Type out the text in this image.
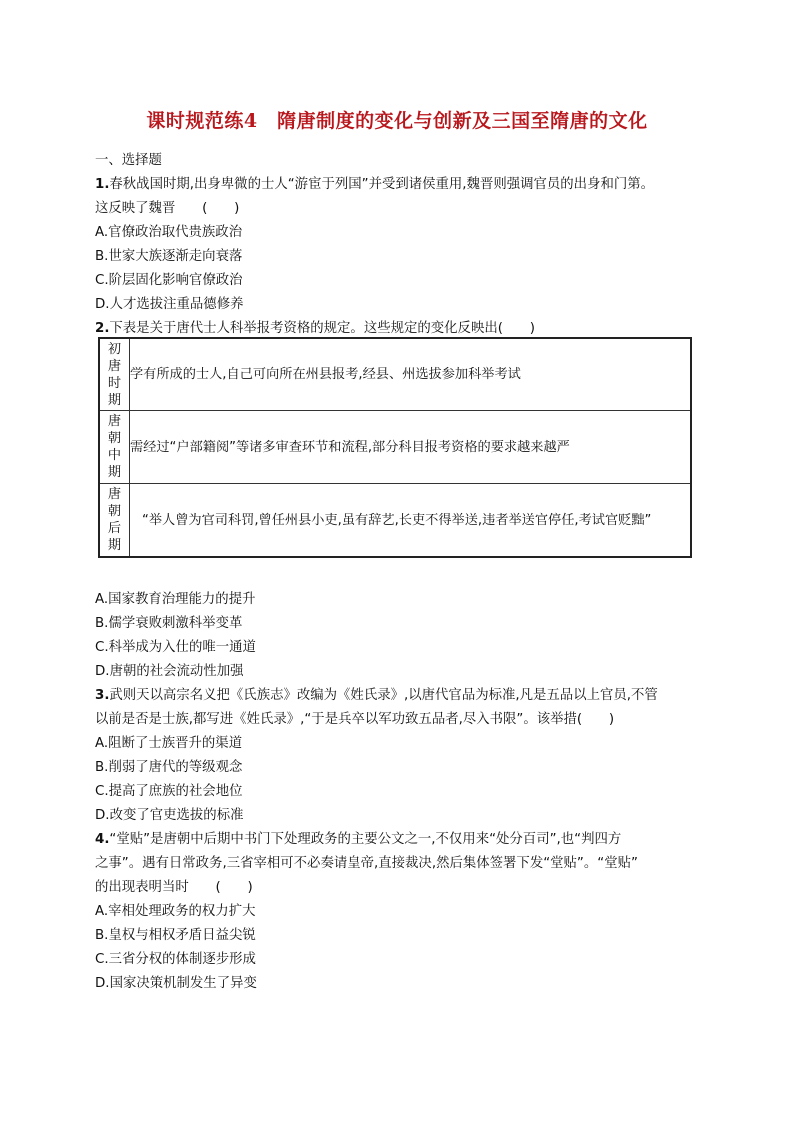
课时规范练4　隋唐制度的变化与创新及三国至隋唐的文化
一、选择题
1.春秋战国时期,出身卑微的士人“游宦于列国”并受到诸侯重用,魏晋则强调官员的出身和门第。
这反映了魏晋　　(　　)
A.官僚政治取代贵族政治
B.世家大族逐渐走向衰落
C.阶层固化影响官僚政治
D.人才选拔注重品德修养
2.下表是关于唐代士人科举报考资格的规定。这些规定的变化反映出(　　)
初
唐
时
期	学有所成的士人,自己可向所在州县报考,经县、州选拔参加科举考试

唐
朝
中
期	需经过“户部籍阅”等诸多审查环节和流程,部分科目报考资格的要求越来越严

唐
朝
后
期	“举人曾为官司科罚,曾任州县小吏,虽有辞艺,长吏不得举送,违者举送官停任,考试官贬黜”
A.国家教育治理能力的提升
B.儒学衰败刺激科举变革
C.科举成为入仕的唯一通道
D.唐朝的社会流动性加强
3.武则天以高宗名义把《氏族志》改编为《姓氏录》,以唐代官品为标准,凡是五品以上官员,不管
以前是否是士族,都写进《姓氏录》,“于是兵卒以军功致五品者,尽入书限”。该举措(　　)
A.阻断了士族晋升的渠道
B.削弱了唐代的等级观念
C.提高了庶族的社会地位
D.改变了官吏选拔的标准
4.“堂贴”是唐朝中后期中书门下处理政务的主要公文之一,不仅用来“处分百司”,也“判四方
之事”。遇有日常政务,三省宰相可不必奏请皇帝,直接裁决,然后集体签署下发“堂贴”。“堂贴”
的出现表明当时　　(　　)
A.宰相处理政务的权力扩大
B.皇权与相权矛盾日益尖锐
C.三省分权的体制逐步形成
D.国家决策机制发生了异变
